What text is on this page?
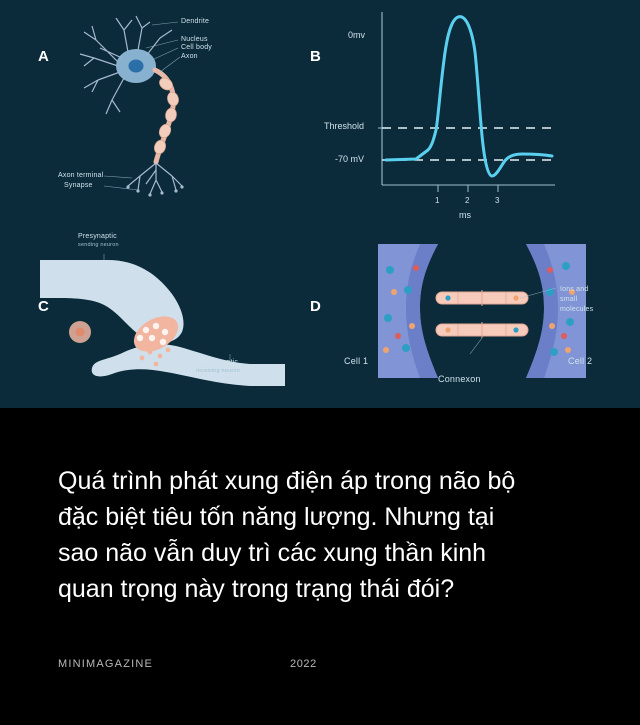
Dendrite
Nucleus
Cell body
Axon
Axon terminal
Synapse
0mv
Threshold
-70 mV
1	2	3
ms
Presynaptic
sending neuron
Postsynaptic
receiving neuron
Ions and
small
molecules
Cell 1	Cell 2
Connexon
A	B
C	D
Quá trình phát xung điện áp trong não bộ đặc biệt tiêu tốn năng lượng. Nhưng tại sao não vẫn duy trì các xung thần kinh quan trọng này trong trạng thái đói?
MINIMAGAZINE	2022
